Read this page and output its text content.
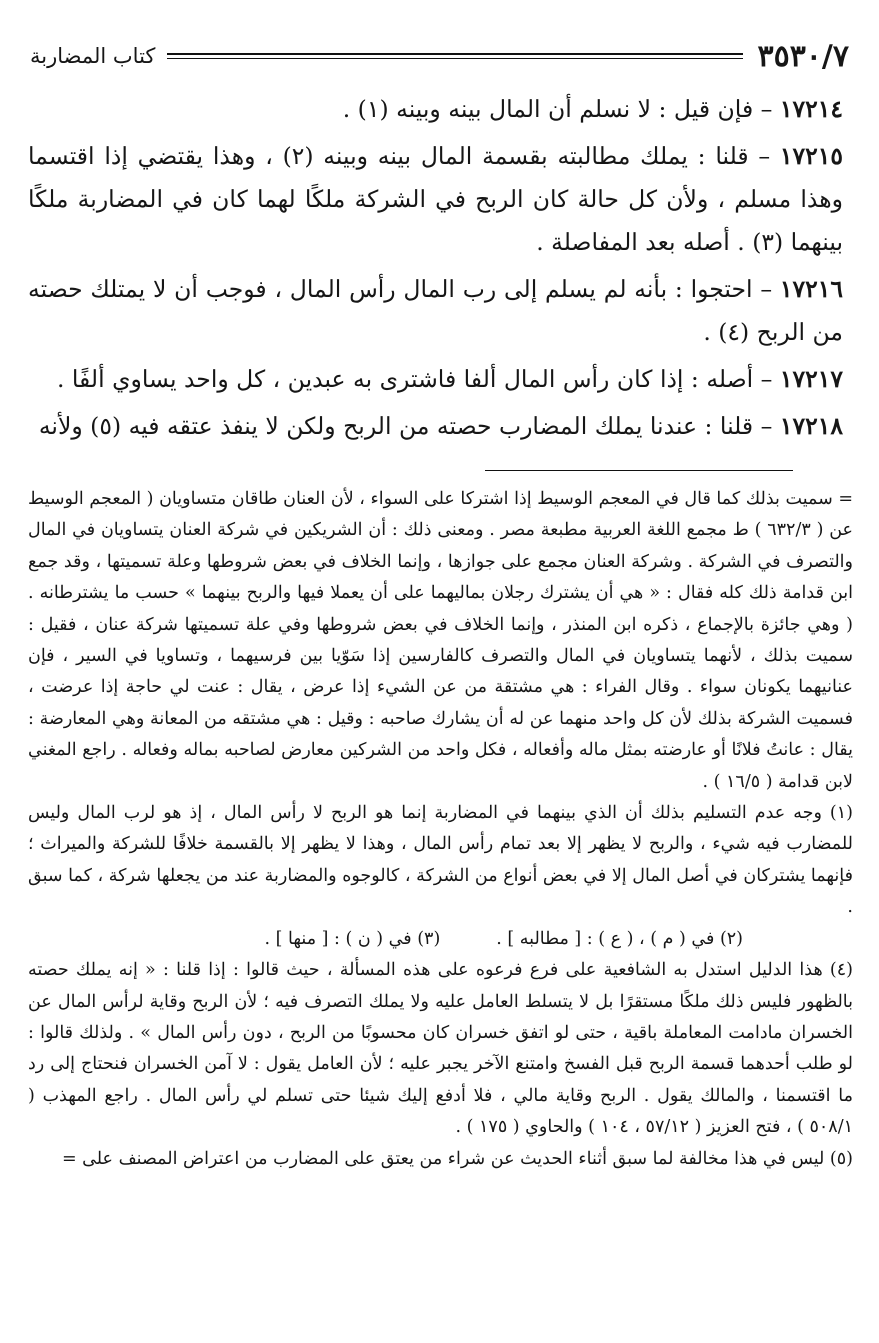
٣٥٣٠/٧
كتاب المضاربة

١٧٢١٤ – فإن قيل : لا نسلم أن المال بينه وبينه (١) .

١٧٢١٥ – قلنا : يملك مطالبته بقسمة المال بينه وبينه (٢) ، وهذا يقتضي إذا اقتسما وهذا مسلم ، ولأن كل حالة كان الربح في الشركة ملكًا لهما كان في المضاربة ملكًا بينهما (٣) . أصله بعد المفاصلة .

١٧٢١٦ – احتجوا : بأنه لم يسلم إلى رب المال رأس المال ، فوجب أن لا يمتلك حصته من الربح (٤) .

١٧٢١٧ – أصله : إذا كان رأس المال ألفا فاشترى به عبدين ، كل واحد يساوي ألفًا .

١٧٢١٨ – قلنا : عندنا يملك المضارب حصته من الربح ولكن لا ينفذ عتقه فيه (٥) ولأنه

= سميت بذلك كما قال في المعجم الوسيط إذا اشتركا على السواء ، لأن العنان طاقان متساويان ( المعجم الوسيط عن ( ٦٣٢/٣ ) ط مجمع اللغة العربية مطبعة مصر . ومعنى ذلك : أن الشريكين في شركة العنان يتساويان في المال والتصرف في الشركة . وشركة العنان مجمع على جوازها ، وإنما الخلاف في بعض شروطها وعلة تسميتها ، وقد جمع ابن قدامة ذلك كله فقال : « هي أن يشترك رجلان بماليهما على أن يعملا فيها والربح بينهما » حسب ما يشترطانه . ( وهي جائزة بالإجماع ، ذكره ابن المنذر ، وإنما الخلاف في بعض شروطها وفي علة تسميتها شركة عنان ، فقيل : سميت بذلك ، لأنهما يتساويان في المال والتصرف كالفارسين إذا سَوّيا بين فرسيهما ، وتساويا في السير ، فإن عنانيهما يكونان سواء . وقال الفراء : هي مشتقة من عن الشيء إذا عرض ، يقال : عنت لي حاجة إذا عرضت ، فسميت الشركة بذلك لأن كل واحد منهما عن له أن يشارك صاحبه : وقيل : هي مشتقه من المعانة وهي المعارضة : يقال : عانتُ فلانًا أو عارضته بمثل ماله وأفعاله ، فكل واحد من الشركين معارض لصاحبه بماله وفعاله . راجع المغني لابن قدامة ( ١٦/٥ ) .

(١) وجه عدم التسليم بذلك أن الذي بينهما في المضاربة إنما هو الربح لا رأس المال ، إذ هو لرب المال وليس للمضارب فيه شيء ، والربح لا يظهر إلا بعد تمام رأس المال ، وهذا لا يظهر إلا بالقسمة خلافًا للشركة والميراث ؛ فإنهما يشتركان في أصل المال إلا في بعض أنواع من الشركة ، كالوجوه والمضاربة عند من يجعلها شركة ، كما سبق .

(٢) في ( م ) ، ( ع ) : [ مطالبه ] .
(٣) في ( ن ) : [ منها ] .

(٤) هذا الدليل استدل به الشافعية على فرع فرعوه على هذه المسألة ، حيث قالوا : إذا قلنا : « إنه يملك حصته بالظهور فليس ذلك ملكًا مستقرًا بل لا يتسلط العامل عليه ولا يملك التصرف فيه ؛ لأن الربح وقاية لرأس المال عن الخسران مادامت المعاملة باقية ، حتى لو اتفق خسران كان محسوبًا من الربح ، دون رأس المال » . ولذلك قالوا : لو طلب أحدهما قسمة الربح قبل الفسخ وامتنع الآخر يجبر عليه ؛ لأن العامل يقول : لا آمن الخسران فنحتاج إلى رد ما اقتسمنا ، والمالك يقول . الربح وقاية مالي ، فلا أدفع إليك شيئا حتى تسلم لي رأس المال . راجع المهذب ( ٥٠٨/١ ) ، فتح العزيز ( ٥٧/١٢ ، ١٠٤ ) والحاوي ( ١٧٥ ) .

(٥) ليس في هذا مخالفة لما سبق أثناء الحديث عن شراء من يعتق على المضارب من اعتراض المصنف على =
